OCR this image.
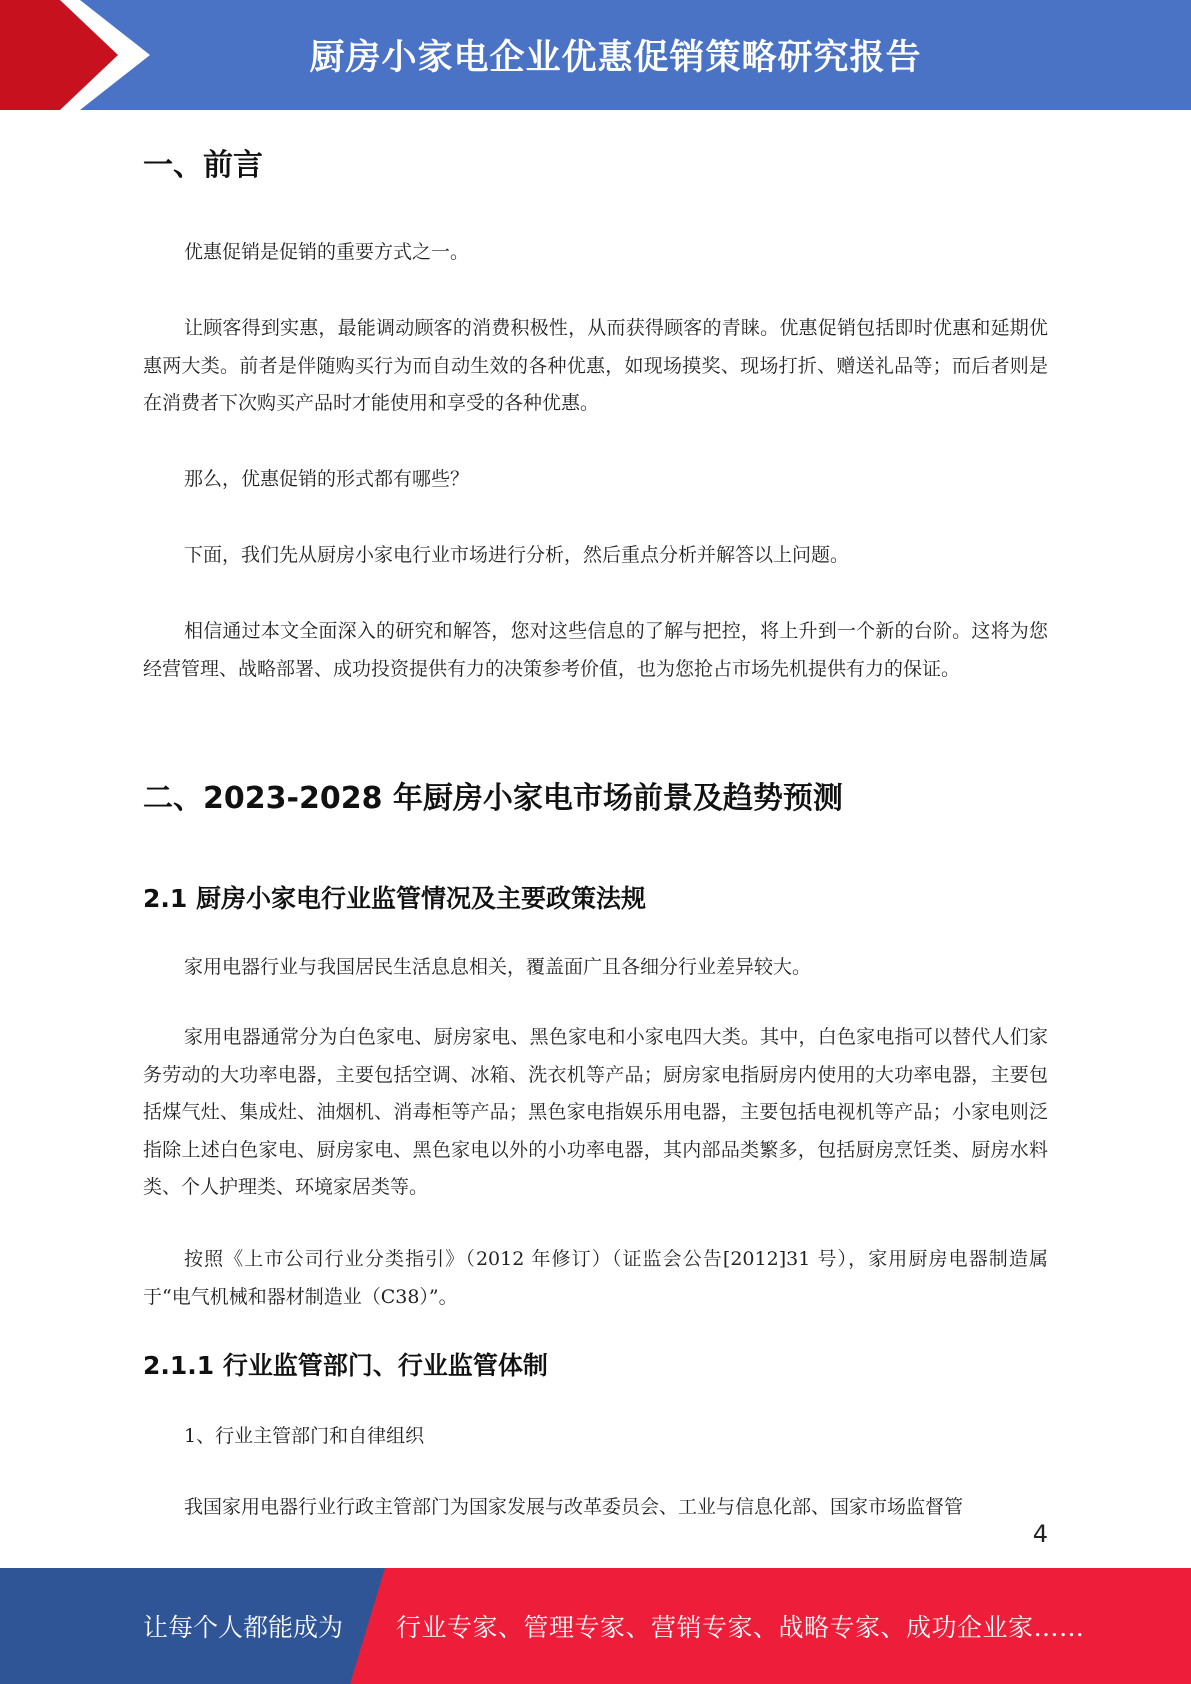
厨房小家电企业优惠促销策略研究报告
一、前言

优惠促销是促销的重要方式之一。

让顾客得到实惠，最能调动顾客的消费积极性，从而获得顾客的青睐。优惠促销包括即时优惠和延期优惠两大类。前者是伴随购买行为而自动生效的各种优惠，如现场摸奖、现场打折、赠送礼品等；而后者则是在消费者下次购买产品时才能使用和享受的各种优惠。

那么，优惠促销的形式都有哪些？

下面，我们先从厨房小家电行业市场进行分析，然后重点分析并解答以上问题。

相信通过本文全面深入的研究和解答，您对这些信息的了解与把控，将上升到一个新的台阶。这将为您经营管理、战略部署、成功投资提供有力的决策参考价值，也为您抢占市场先机提供有力的保证。

二、2023-2028 年厨房小家电市场前景及趋势预测
2.1 厨房小家电行业监管情况及主要政策法规

家用电器行业与我国居民生活息息相关，覆盖面广且各细分行业差异较大。

家用电器通常分为白色家电、厨房家电、黑色家电和小家电四大类。其中，白色家电指可以替代人们家务劳动的大功率电器，主要包括空调、冰箱、洗衣机等产品；厨房家电指厨房内使用的大功率电器，主要包括煤气灶、集成灶、油烟机、消毒柜等产品；黑色家电指娱乐用电器，主要包括电视机等产品；小家电则泛指除上述白色家电、厨房家电、黑色家电以外的小功率电器，其内部品类繁多，包括厨房烹饪类、厨房水料类、个人护理类、环境家居类等。

按照《上市公司行业分类指引》（2012 年修订）（证监会公告[2012]31 号），家用厨房电器制造属于“电气机械和器材制造业（C38）”。

2.1.1 行业监管部门、行业监管体制

1、行业主管部门和自律组织

我国家用电器行业行政主管部门为国家发展与改革委员会、工业与信息化部、国家市场监督管

4
让每个人都能成为 行业专家、管理专家、营销专家、战略专家、成功企业家……
